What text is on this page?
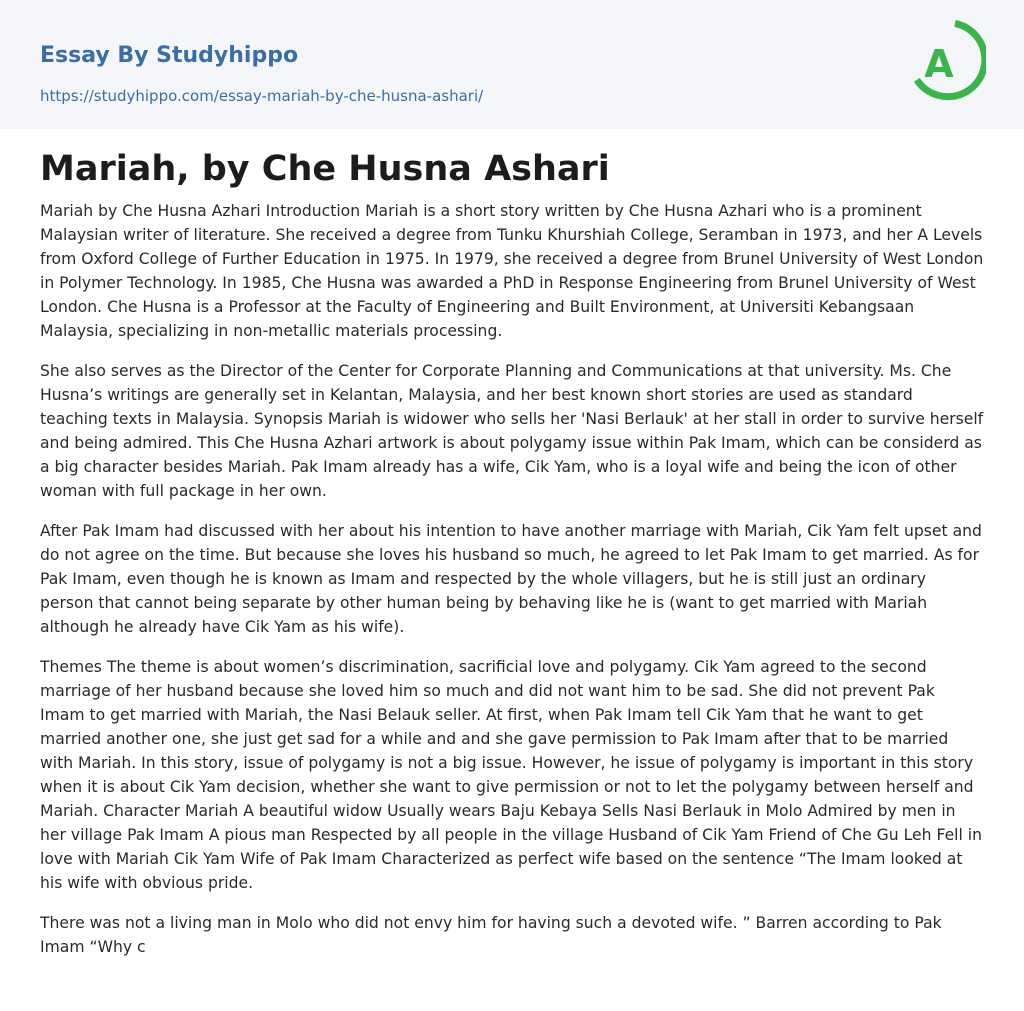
Essay By Studyhippo
https://studyhippo.com/essay-mariah-by-che-husna-ashari/
A
Mariah, by Che Husna Ashari

Mariah by Che Husna Azhari Introduction Mariah is a short story written by Che Husna Azhari who is a prominent Malaysian writer of literature. She received a degree from Tunku Khurshiah College, Seramban in 1973, and her A Levels from Oxford College of Further Education in 1975. In 1979, she received a degree from Brunel University of West London in Polymer Technology. In 1985, Che Husna was awarded a PhD in Response Engineering from Brunel University of West London. Che Husna is a Professor at the Faculty of Engineering and Built Environment, at Universiti Kebangsaan Malaysia, specializing in non-metallic materials processing.

She also serves as the Director of the Center for Corporate Planning and Communications at that university. Ms. Che Husna’s writings are generally set in Kelantan, Malaysia, and her best known short stories are used as standard teaching texts in Malaysia. Synopsis Mariah is widower who sells her 'Nasi Berlauk' at her stall in order to survive herself and being admired. This Che Husna Azhari artwork is about polygamy issue within Pak Imam, which can be considerd as a big character besides Mariah. Pak Imam already has a wife, Cik Yam, who is a loyal wife and being the icon of other woman with full package in her own.

After Pak Imam had discussed with her about his intention to have another marriage with Mariah, Cik Yam felt upset and do not agree on the time. But because she loves his husband so much, he agreed to let Pak Imam to get married. As for Pak Imam, even though he is known as Imam and respected by the whole villagers, but he is still just an ordinary person that cannot being separate by other human being by behaving like he is (want to get married with Mariah although he already have Cik Yam as his wife).

Themes The theme is about women’s discrimination, sacrificial love and polygamy. Cik Yam agreed to the second marriage of her husband because she loved him so much and did not want him to be sad. She did not prevent Pak Imam to get married with Mariah, the Nasi Belauk seller. At first, when Pak Imam tell Cik Yam that he want to get married another one, she just get sad for a while and and she gave permission to Pak Imam after that to be married with Mariah. In this story, issue of polygamy is not a big issue. However, he issue of polygamy is important in this story when it is about Cik Yam decision, whether she want to give permission or not to let the polygamy between herself and Mariah. Character Mariah A beautiful widow Usually wears Baju Kebaya Sells Nasi Berlauk in Molo Admired by men in her village Pak Imam A pious man Respected by all people in the village Husband of Cik Yam Friend of Che Gu Leh Fell in love with Mariah Cik Yam Wife of Pak Imam Characterized as perfect wife based on the sentence “The Imam looked at his wife with obvious pride.

There was not a living man in Molo who did not envy him for having such a devoted wife. ” Barren according to Pak Imam “Why c
